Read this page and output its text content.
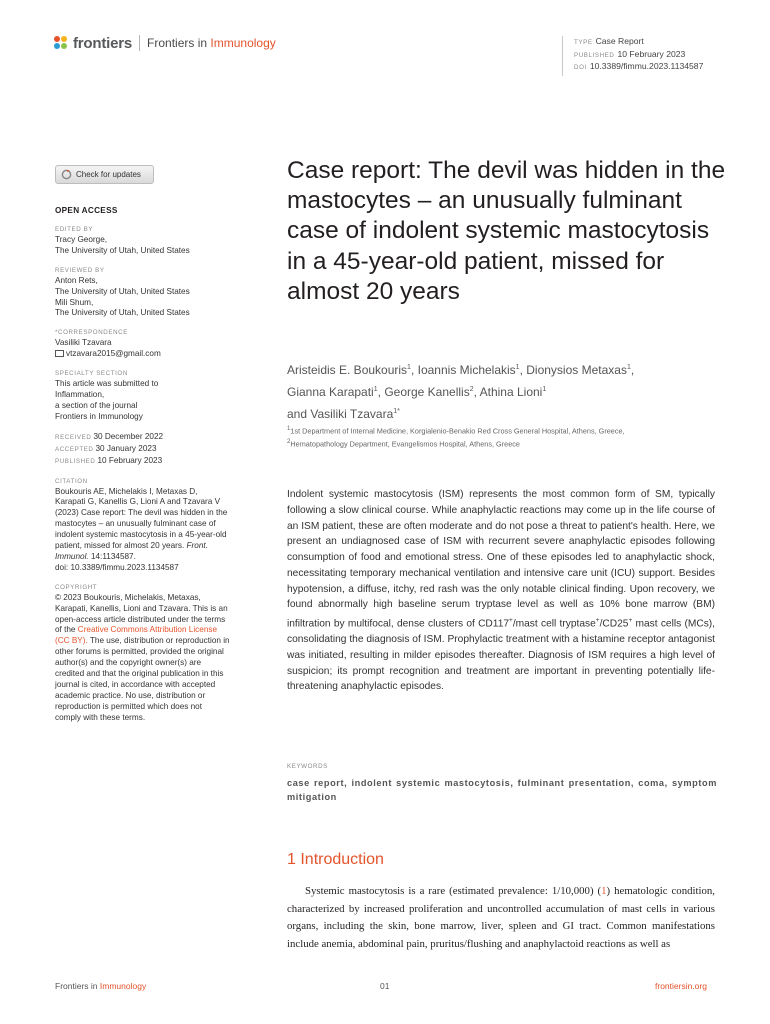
frontiers Frontiers in Immunology	TYPE Case Report
PUBLISHED 10 February 2023
DOI 10.3389/fimmu.2023.1134587
Check for updates
OPEN ACCESS
EDITED BY
Tracy George,
The University of Utah, United States
REVIEWED BY
Anton Rets,
The University of Utah, United States
Mili Shum,
The University of Utah, United States
*CORRESPONDENCE
Vasiliki Tzavara
vtzavara2015@gmail.com
SPECIALTY SECTION
This article was submitted to
Inflammation,
a section of the journal
Frontiers in Immunology
RECEIVED 30 December 2022
ACCEPTED 30 January 2023
PUBLISHED 10 February 2023
CITATION
Boukouris AE, Michelakis I, Metaxas D, Karapati G, Kanellis G, Lioni A and Tzavara V (2023) Case report: The devil was hidden in the mastocytes – an unusually fulminant case of indolent systemic mastocytosis in a 45-year-old patient, missed for almost 20 years. Front. Immunol. 14:1134587.
doi: 10.3389/fimmu.2023.1134587
COPYRIGHT
© 2023 Boukouris, Michelakis, Metaxas, Karapati, Kanellis, Lioni and Tzavara. This is an open-access article distributed under the terms of the Creative Commons Attribution License (CC BY). The use, distribution or reproduction in other forums is permitted, provided the original author(s) and the copyright owner(s) are credited and that the original publication in this journal is cited, in accordance with accepted academic practice. No use, distribution or reproduction is permitted which does not comply with these terms.
Case report: The devil was hidden in the mastocytes – an unusually fulminant case of indolent systemic mastocytosis in a 45-year-old patient, missed for almost 20 years
Aristeidis E. Boukouris$^1$, Ioannis Michelakis$^1$, Dionysios Metaxas$^1$,
Gianna Karapati$^1$, George Kanellis$^2$, Athina Lioni$^1$
and Vasiliki Tzavara$^{1*}$
$^1$1st Department of Internal Medicine, Korgialenio-Benakio Red Cross General Hospital, Athens, Greece,
$^2$Hematopathology Department, Evangelismos Hospital, Athens, Greece
Indolent systemic mastocytosis (ISM) represents the most common form of SM, typically following a slow clinical course. While anaphylactic reactions may come up in the life course of an ISM patient, these are often moderate and do not pose a threat to patient's health. Here, we present an undiagnosed case of ISM with recurrent severe anaphylactic episodes following consumption of food and emotional stress. One of these episodes led to anaphylactic shock, necessitating temporary mechanical ventilation and intensive care unit (ICU) support. Besides hypotension, a diffuse, itchy, red rash was the only notable clinical finding. Upon recovery, we found abnormally high baseline serum tryptase level as well as 10% bone marrow (BM) infiltration by multifocal, dense clusters of CD117+/mast cell tryptase+/CD25+ mast cells (MCs), consolidating the diagnosis of ISM. Prophylactic treatment with a histamine receptor antagonist was initiated, resulting in milder episodes thereafter. Diagnosis of ISM requires a high level of suspicion; its prompt recognition and treatment are important in preventing potentially life-threatening anaphylactic episodes.
KEYWORDS
case report, indolent systemic mastocytosis, fulminant presentation, coma, symptom mitigation
1 Introduction
Systemic mastocytosis is a rare (estimated prevalence: 1/10,000) (1) hematologic condition, characterized by increased proliferation and uncontrolled accumulation of mast cells in various organs, including the skin, bone marrow, liver, spleen and GI tract. Common manifestations include anemia, abdominal pain, pruritus/flushing and anaphylactoid reactions as well as
Frontiers in Immunology	01	frontiersin.org
